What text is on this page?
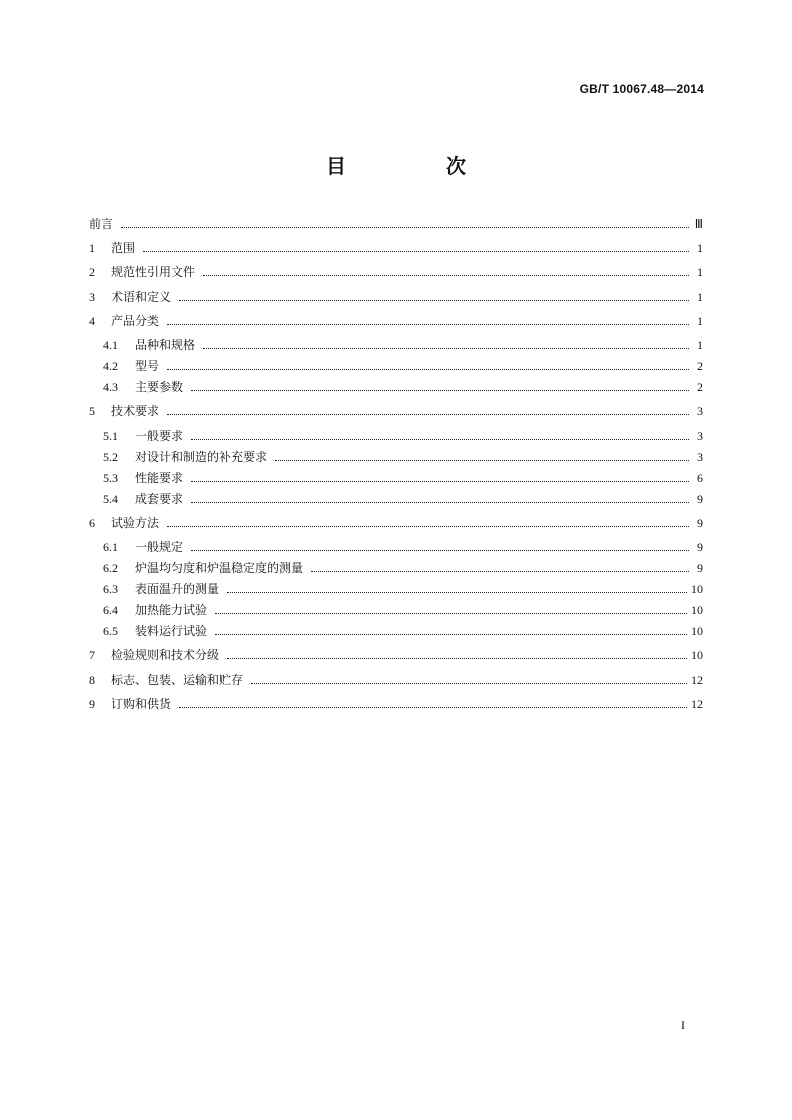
GB/T 10067.48—2014
目　次
前言	Ⅲ
1	范围	1
2	规范性引用文件	1
3	术语和定义	1
4	产品分类	1
4.1	品种和规格	1
4.2	型号	2
4.3	主要参数	2
5	技术要求	3
5.1	一般要求	3
5.2	对设计和制造的补充要求	3
5.3	性能要求	6
5.4	成套要求	9
6	试验方法	9
6.1	一般规定	9
6.2	炉温均匀度和炉温稳定度的测量	9
6.3	表面温升的测量	10
6.4	加热能力试验	10
6.5	装料运行试验	10
7	检验规则和技术分级	10
8	标志、包装、运输和贮存	12
9	订购和供货	12
I
